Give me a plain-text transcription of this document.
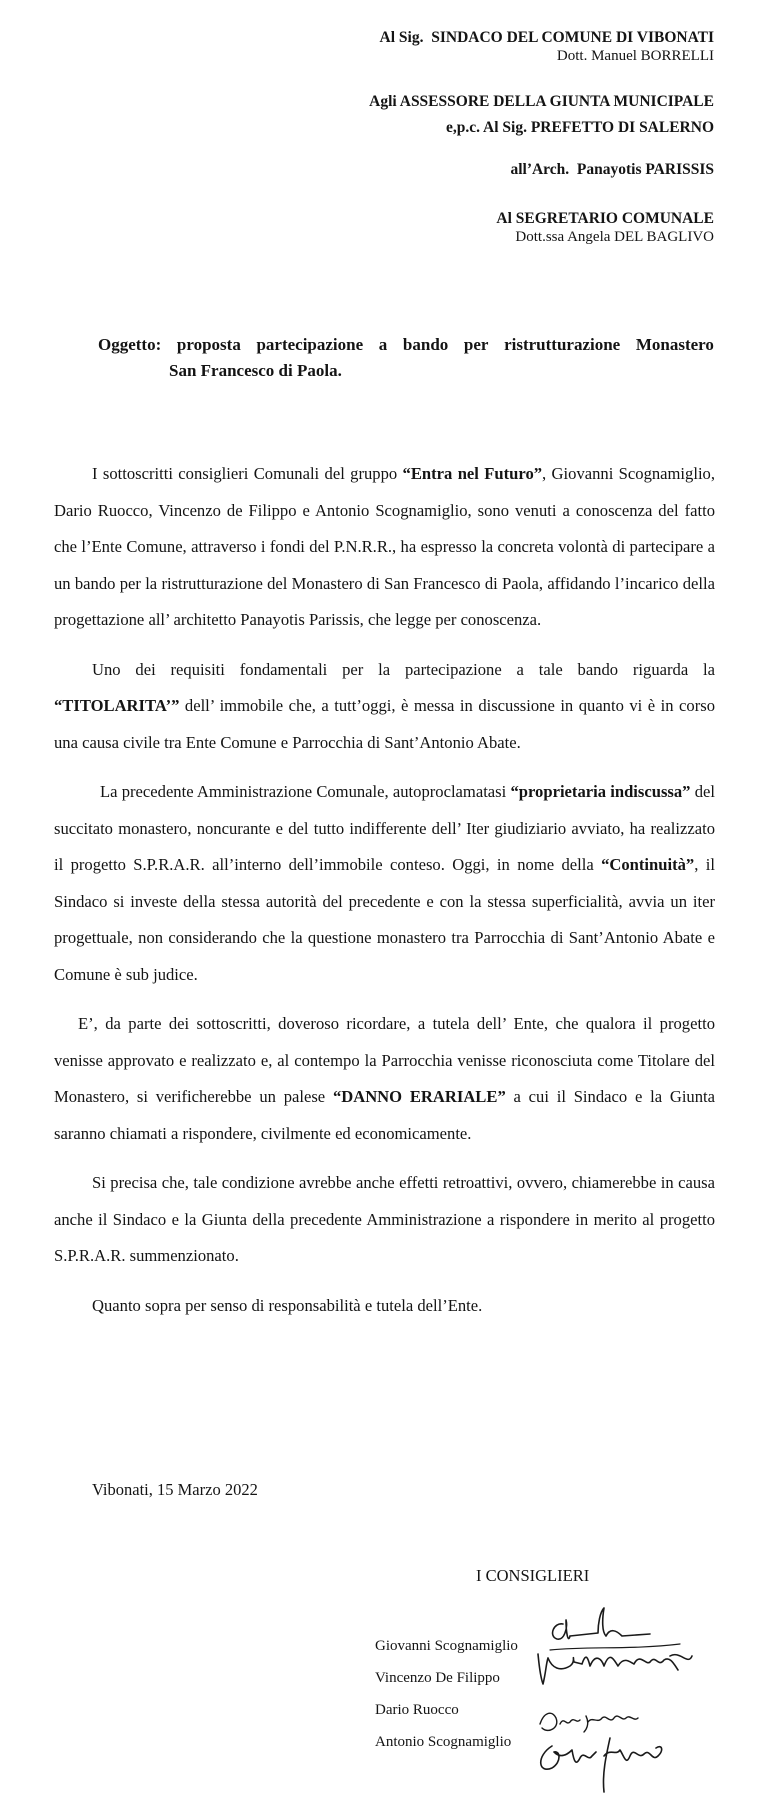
Al Sig. SINDACO DEL COMUNE DI VIBONATI
Dott. Manuel BORRELLI
Agli ASSESSORE DELLA GIUNTA MUNICIPALE
e,p.c. Al Sig. PREFETTO DI SALERNO
all’Arch. Panayotis PARISSIS
Al SEGRETARIO COMUNALE
Dott.ssa Angela DEL BAGLIVO
Oggetto: proposta partecipazione a bando per ristrutturazione Monastero
San Francesco di Paola.

I sottoscritti consiglieri Comunali del gruppo “Entra nel Futuro”, Giovanni Scognamiglio, Dario Ruocco, Vincenzo de Filippo e Antonio Scognamiglio, sono venuti a conoscenza del fatto che l’Ente Comune, attraverso i fondi del P.N.R.R., ha espresso la concreta volontà di partecipare a un bando per la ristrutturazione del Monastero di San Francesco di Paola, affidando l’incarico della progettazione all’ architetto Panayotis Parissis, che legge per conoscenza.

Uno dei requisiti fondamentali per la partecipazione a tale bando riguarda la “TITOLARITA’” dell’ immobile che, a tutt’oggi, è messa in discussione in quanto vi è in corso una causa civile tra Ente Comune e Parrocchia di Sant’Antonio Abate.

La precedente Amministrazione Comunale, autoproclamatasi “proprietaria indiscussa” del succitato monastero, noncurante e del tutto indifferente dell’ Iter giudiziario avviato, ha realizzato il progetto S.P.R.A.R. all’interno dell’immobile conteso. Oggi, in nome della “Continuità”, il Sindaco si investe della stessa autorità del precedente e con la stessa superficialità, avvia un iter progettuale, non considerando che la questione monastero tra Parrocchia di Sant’Antonio Abate e Comune è sub judice.

E’, da parte dei sottoscritti, doveroso ricordare, a tutela dell’ Ente, che qualora il progetto venisse approvato e realizzato e, al contempo la Parrocchia venisse riconosciuta come Titolare del Monastero, si verificherebbe un palese “DANNO ERARIALE” a cui il Sindaco e la Giunta saranno chiamati a rispondere, civilmente ed economicamente.

Si precisa che, tale condizione avrebbe anche effetti retroattivi, ovvero, chiamerebbe in causa anche il Sindaco e la Giunta della precedente Amministrazione a rispondere in merito al progetto S.P.R.A.R. summenzionato.

Quanto sopra per senso di responsabilità e tutela dell’Ente.

Vibonati, 15 Marzo 2022
I CONSIGLIERI
Giovanni Scognamiglio
Vincenzo De Filippo
Dario Ruocco
Antonio Scognamiglio
